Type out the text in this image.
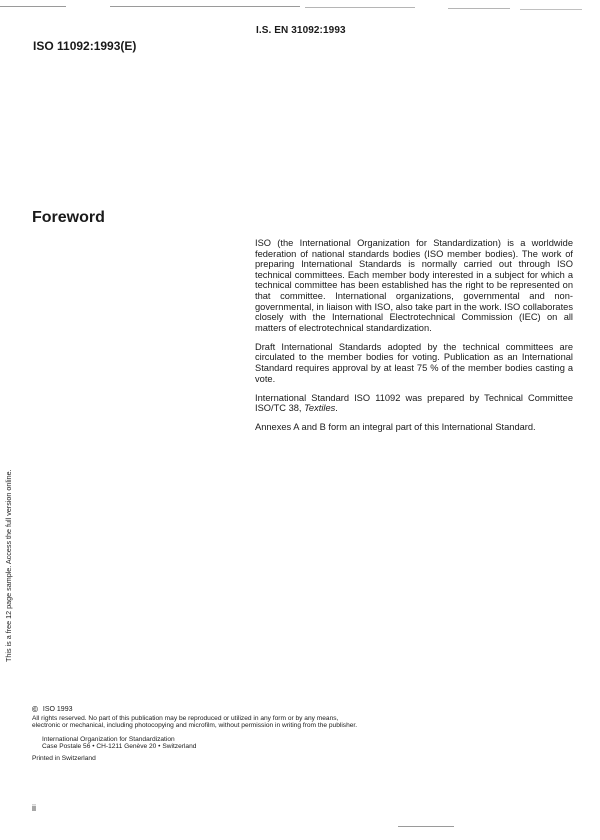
I.S. EN 31092:1993
ISO 11092:1993(E)
This is a free 12 page sample. Access the full version online.
Foreword

ISO (the International Organization for Standardization) is a worldwide federation of national standards bodies (ISO member bodies). The work of preparing International Standards is normally carried out through ISO technical committees. Each member body interested in a subject for which a technical committee has been established has the right to be represented on that committee. International organizations, governmental and non-governmental, in liaison with ISO, also take part in the work. ISO collaborates closely with the International Electrotechnical Commission (IEC) on all matters of electrotechnical standardization.

Draft International Standards adopted by the technical committees are circulated to the member bodies for voting. Publication as an International Standard requires approval by at least 75 % of the member bodies casting a vote.

International Standard ISO 11092 was prepared by Technical Committee ISO/TC 38, Textiles.

Annexes A and B form an integral part of this International Standard.

© ISO 1993

All rights reserved. No part of this publication may be reproduced or utilized in any form or by any means, electronic or mechanical, including photocopying and microfilm, without permission in writing from the publisher.

International Organization for Standardization

Case Postale 56 • CH-1211 Genève 20 • Switzerland

Printed in Switzerland

ii
